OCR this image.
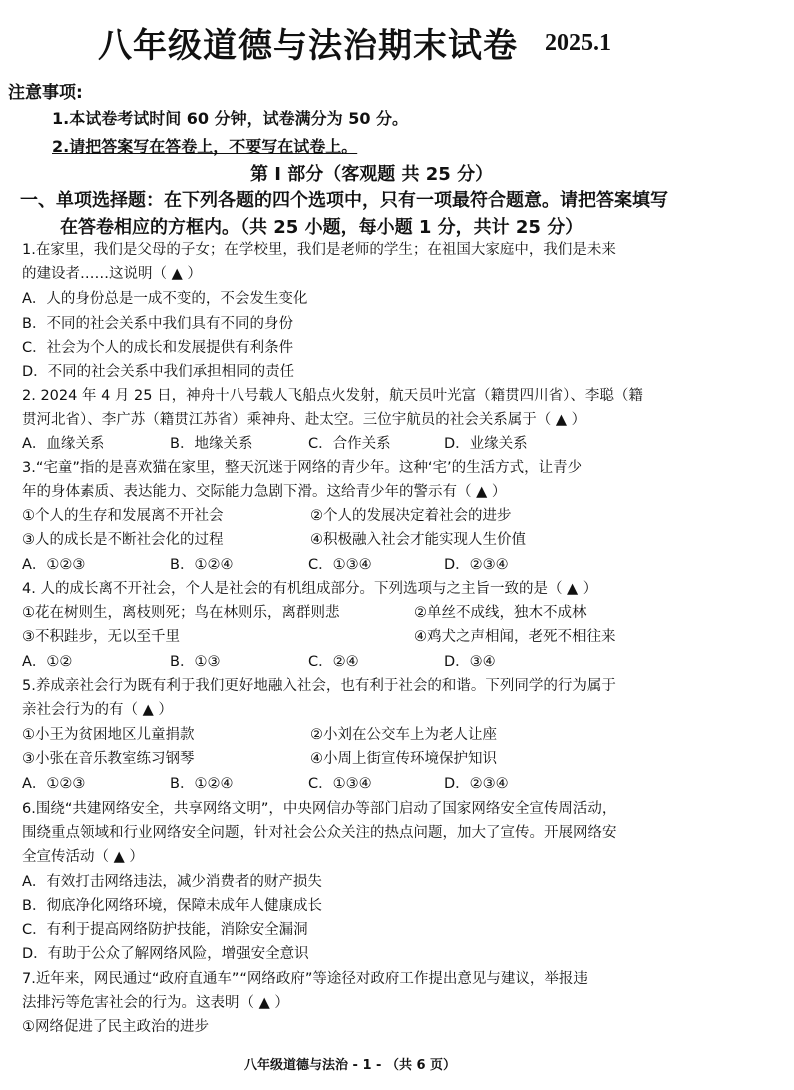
八年级道德与法治期末试卷 2025.1
注意事项:
1.本试卷考试时间 60 分钟，试卷满分为 50 分。
2.请把答案写在答卷上，不要写在试卷上。
第 I 部分（客观题 共 25 分）
一、单项选择题：在下列各题的四个选项中，只有一项最符合题意。请把答案填写
在答卷相应的方框内。（共 25 小题，每小题 1 分，共计 25 分）
1.在家里，我们是父母的子女；在学校里，我们是老师的学生；在祖国大家庭中，我们是未来
的建设者……这说明（ ▲ ）
A．人的身份总是一成不变的，不会发生变化
B．不同的社会关系中我们具有不同的身份
C．社会为个人的成长和发展提供有利条件
D．不同的社会关系中我们承担相同的责任
2. 2024 年 4 月 25 日，神舟十八号载人飞船点火发射，航天员叶光富（籍贯四川省）、李聪（籍
贯河北省）、李广苏（籍贯江苏省）乘神舟、赴太空。三位宇航员的社会关系属于（ ▲ ）
A．血缘关系	B．地缘关系	C．合作关系	D．业缘关系
3.“宅童”指的是喜欢猫在家里，整天沉迷于网络的青少年。这种‘宅’的生活方式，让青少
年的身体素质、表达能力、交际能力急剧下滑。这给青少年的警示有（ ▲ ）
①个人的生存和发展离不开社会	②个人的发展决定着社会的进步
③人的成长是不断社会化的过程	④积极融入社会才能实现人生价值
A．①②③	B．①②④	C．①③④	D．②③④
4. 人的成长离不开社会，个人是社会的有机组成部分。下列选项与之主旨一致的是（ ▲ ）
①花在树则生，离枝则死；鸟在林则乐，离群则悲	②单丝不成线，独木不成林
③不积跬步，无以至千里	④鸡犬之声相闻，老死不相往来
A．①②	B．①③	C．②④	D．③④
5.养成亲社会行为既有利于我们更好地融入社会，也有利于社会的和谐。下列同学的行为属于
亲社会行为的有（ ▲ ）
①小王为贫困地区儿童捐款	②小刘在公交车上为老人让座
③小张在音乐教室练习钢琴	④小周上街宣传环境保护知识
A．①②③	B．①②④	C．①③④	D．②③④
6.围绕“共建网络安全，共享网络文明”，中央网信办等部门启动了国家网络安全宣传周活动，
围绕重点领域和行业网络安全问题，针对社会公众关注的热点问题，加大了宣传。开展网络安
全宣传活动（ ▲ ）
A．有效打击网络违法，减少消费者的财产损失
B．彻底净化网络环境，保障未成年人健康成长
C．有利于提高网络防护技能，消除安全漏洞
D．有助于公众了解网络风险，增强安全意识
7.近年来，网民通过“政府直通车”“网络政府”等途径对政府工作提出意见与建议，举报违
法排污等危害社会的行为。这表明（ ▲ ）
①网络促进了民主政治的进步
八年级道德与法治 - 1 - （共 6 页）
